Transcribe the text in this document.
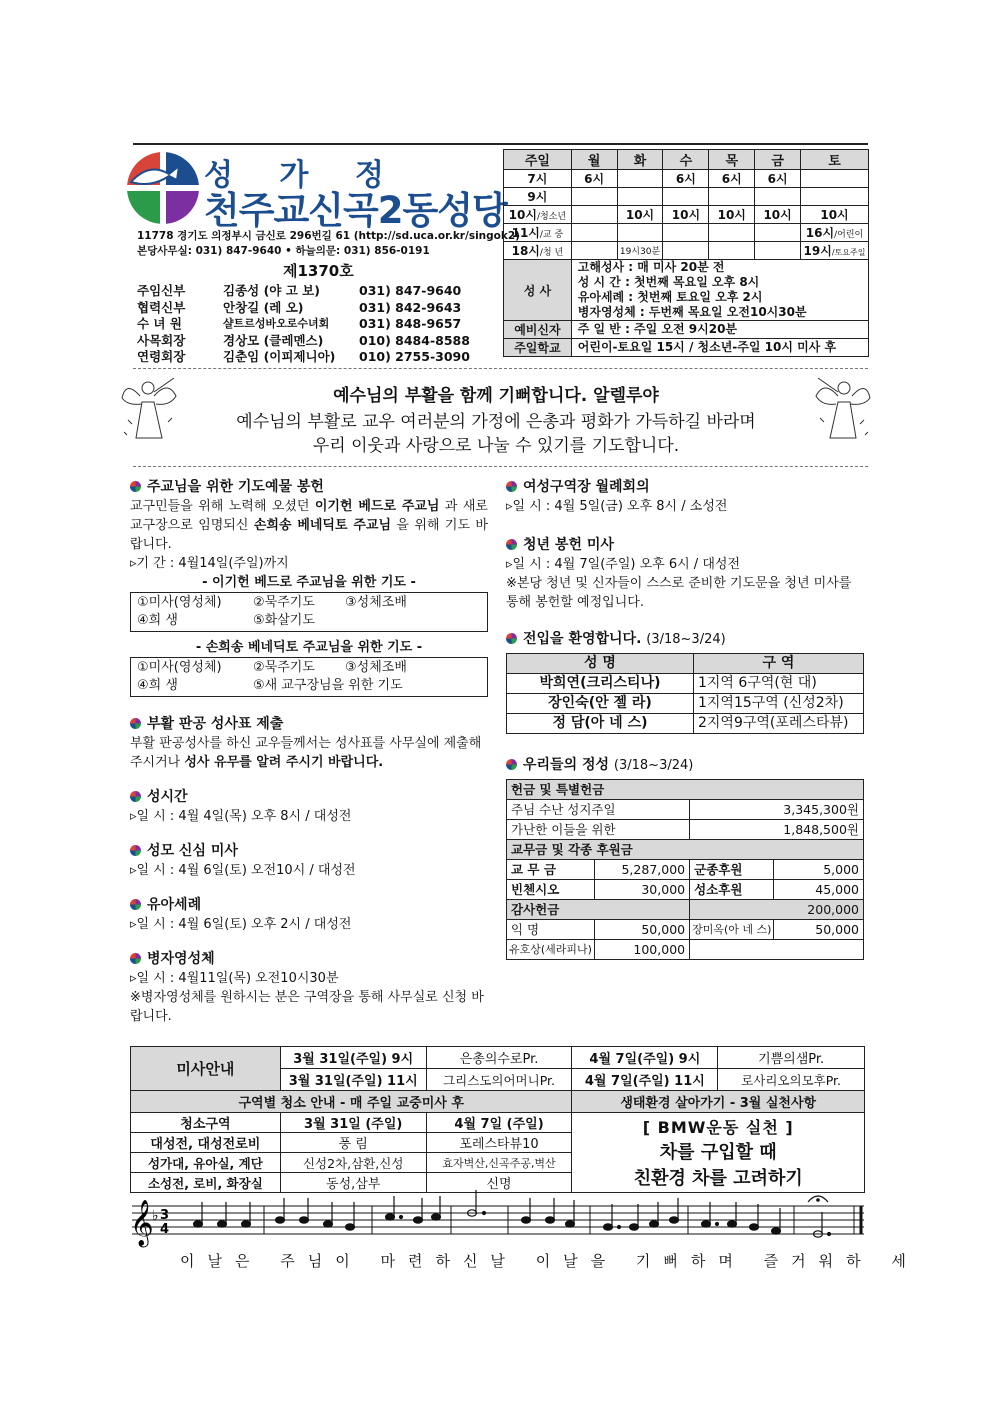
성 가 정
천주교신곡2동성당
11778 경기도 의정부시 금신로 296번길 61 (http://sd.uca.or.kr/singok2)
본당사무실: 031) 847-9640 • 하늘의문: 031) 856-0191
제1370호
주임신부	김종성 (야 고 보)	031) 847-9640
협력신부	안창길 (레 오)	031) 842-9643
수 녀 원	샬트르성바오로수녀회	031) 848-9657
사목회장	경상모 (클레멘스)	010) 8484-8588
연령회장	김춘임 (이피제니아)	010) 2755-3090
주일	월	화	수	목	금	토
7시	6시		6시	6시	6시	
9시						
10시/청소년		10시	10시	10시	10시	10시
11시/교 중						16시/어린이
18시/청 년		19시30분				19시/토요주일
성 사	고해성사 : 매 미사 20분 전
성 시 간 : 첫번째 목요일 오후 8시
유아세례 : 첫번째 토요일 오후 2시
병자영성체 : 두번째 목요일 오전10시30분					

예비신자	주 일 반 : 주일 오전 9시20분					
주일학교	어린이-토요일 15시 / 청소년-주일 10시 미사 후					
예수님의 부활을 함께 기뻐합니다. 알렐루야
예수님의 부활로 교우 여러분의 가정에 은총과 평화가 가득하길 바라며
우리 이웃과 사랑으로 나눌 수 있기를 기도합니다.

주교님을 위한 기도예물 봉헌

교구민들을 위해 노력해 오셨던 이기헌 베드로 주교님 과 새로 교구장으로 임명되신 손희송 베네딕토 주교님 을 위해 기도 바랍니다.

▹기 간 : 4월14일(주일)까지

- 이기헌 베드로 주교님을 위한 기도 -

①미사(영성체) ②묵주기도 ③성체조배
④희 생	⑤화살기도

- 손희송 베네딕토 주교님을 위한 기도 -

①미사(영성체) ②묵주기도 ③성체조배
④희 생	⑤새 교구장님을 위한 기도

부활 판공 성사표 제출

부활 판공성사를 하신 교우들께서는 성사표를 사무실에 제출해 주시거나 성사 유무를 알려 주시기 바랍니다.

성시간

▹일 시 : 4월 4일(목) 오후 8시 / 대성전

성모 신심 미사

▹일 시 : 4월 6일(토) 오전10시 / 대성전

유아세례

▹일 시 : 4월 6일(토) 오후 2시 / 대성전

병자영성체

▹일 시 : 4월11일(목) 오전10시30분

※병자영성체를 원하시는 분은 구역장을 통해 사무실로 신청 바랍니다.

여성구역장 월례회의

▹일 시 : 4월 5일(금) 오후 8시 / 소성전

청년 봉헌 미사

▹일 시 : 4월 7일(주일) 오후 6시 / 대성전

※본당 청년 및 신자들이 스스로 준비한 기도문을 청년 미사를 통해 봉헌할 예정입니다.

전입을 환영합니다. (3/18~3/24)

성 명	구 역
박희연(크리스티나)	1지역 6구역(현 대)
장인숙(안 젤 라)	1지역15구역 (신성2차)
정 담(아 네 스)	2지역9구역(포레스타뷰)

우리들의 정성 (3/18~3/24)

헌금 및 특별헌금			
주님 수난 성지주일		3,345,300원	
가난한 이들을 위한		1,848,500원	
교무금 및 각종 후원금			
교 무 금	5,287,000	군종후원	5,000
빈첸시오	30,000	성소후원	45,000
감사헌금		200,000	
익 명	50,000	장미옥(아 네 스)	50,000
유호상(세라피나)	100,000		
미사안내	3월 31일(주일) 9시	은총의수로Pr.	4월 7일(주일) 9시	기쁨의샘Pr.
	3월 31일(주일) 11시	그리스도의어머니Pr.	4월 7일(주일) 11시	로사리오의모후Pr.
구역별 청소 안내 - 매 주일 교중미사 후			생태환경 살아가기 - 3월 실천사항	
청소구역	3월 31일 (주일)	4월 7일 (주일)	[ BMW운동 실천 ]
차를 구입할 때
친환경 차를 고려하기	

대성전, 대성전로비	풍 림	포레스타뷰10		
성가대, 유아실, 계단	신성2차,삼환,신성	효자벽산,신곡주공,벽산		
소성전, 로비, 화장실	동성,삼부	신명		
𝄞
♭ 3
4
이날은 주님이 마련하신날 이날을 기뻐하며 즐거워하 세
